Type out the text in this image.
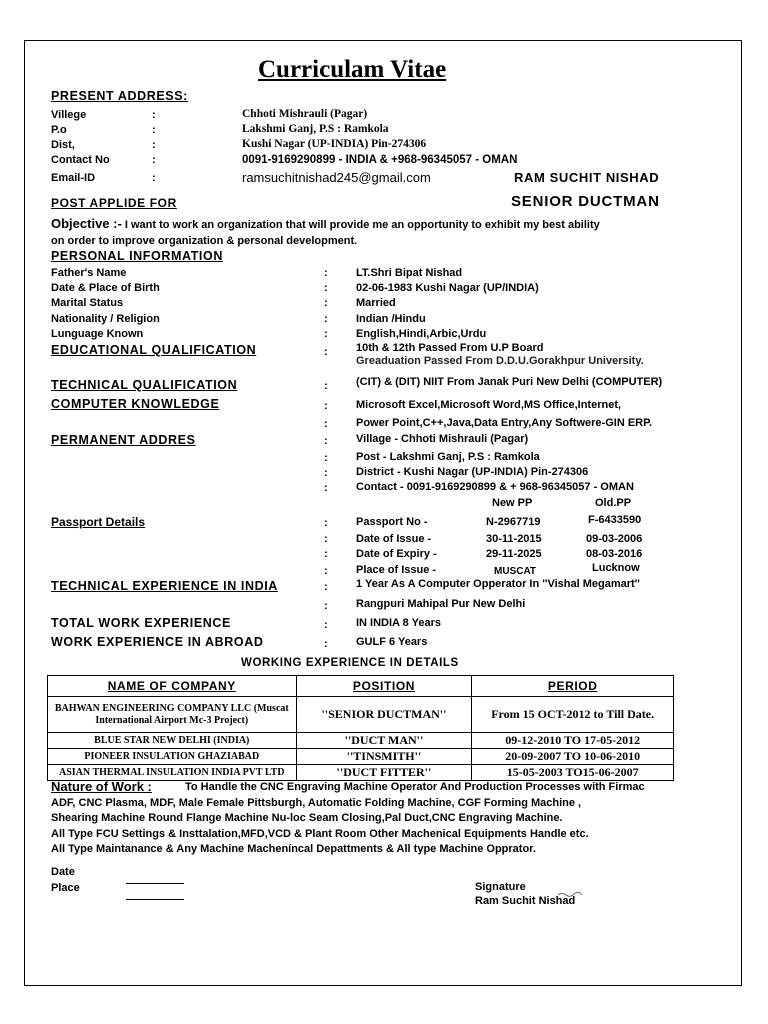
Curriculam Vitae
PRESENT ADDRESS:
Villege	:	Chhoti Mishrauli (Pagar)
P.o	:	Lakshmi Ganj, P.S : Ramkola
Dist,	:	Kushi Nagar (UP-INDIA) Pin-274306
Contact No	:	0091-9169290899 - INDIA & +968-96345057 - OMAN
Email-ID	:	ramsuchitnishad245@gmail.com	RAM SUCHIT NISHAD
POST APPLIDE FOR	SENIOR DUCTMAN
Objective :- I want to work an organization that will provide me an opportunity to exhibit my best ability
on order to improve organization & personal development.
PERSONAL INFORMATION
Father's Name	:	LT.Shri Bipat Nishad
Date & Place of Birth	:	02-06-1983 Kushi Nagar (UP/INDIA)
Marital Status	:	Married
Nationality / Religion	:	Indian /Hindu
Lunguage Known	:	English,Hindi,Arbic,Urdu
EDUCATIONAL QUALIFICATION	:	10th & 12th Passed From U.P Board
Greaduation Passed From D.D.U.Gorakhpur University.
TECHNICAL QUALIFICATION	:	(CIT) & (DIT) NIIT From Janak Puri New Delhi (COMPUTER)
COMPUTER KNOWLEDGE	:	Microsoft Excel,Microsoft Word,MS Office,Internet,
:	Power Point,C++,Java,Data Entry,Any Softwere-GIN ERP.
PERMANENT ADDRES	:	Village - Chhoti Mishrauli (Pagar)
:	Post - Lakshmi Ganj, P.S : Ramkola
:	District - Kushi Nagar (UP-INDIA) Pin-274306
:	Contact - 0091-9169290899 & + 968-96345057 - OMAN
New PP	Old.PP
Passport Details	:	Passport No -	N-2967719	F-6433590
:	Date of Issue -	30-11-2015	09-03-2006
:	Date of Expiry -	29-11-2025	08-03-2016
:	Place of Issue -	MUSCAT	Lucknow
TECHNICAL EXPERIENCE IN INDIA	:	1 Year As A Computer Opperator In ''Vishal Megamart''
:	Rangpuri Mahipal Pur New Delhi
TOTAL WORK EXPERIENCE	:	IN INDIA 8 Years
WORK EXPERIENCE IN ABROAD	:	GULF 6 Years
WORKING EXPERIENCE IN DETAILS
NAME OF COMPANY	POSITION	PERIOD
BAHWAN ENGINEERING COMPANY LLC (Muscat International Airport Mc-3 Project)	''SENIOR DUCTMAN''	From 15 OCT-2012 to Till Date.
BLUE STAR NEW DELHI (INDIA)	''DUCT MAN''	09-12-2010 TO 17-05-2012
PIONEER INSULATION GHAZIABAD	''TINSMITH''	20-09-2007 TO 10-06-2010
ASIAN THERMAL INSULATION INDIA PVT LTD	''DUCT FITTER''	15-05-2003 TO15-06-2007
Nature of Work :	To Handle the CNC Engraving Machine Operator And Production Processes with Firmac
ADF, CNC Plasma, MDF, Male Female Pittsburgh, Automatic Folding Machine, CGF Forming Machine ,
Shearing Machine Round Flange Machine Nu-loc Seam Closing,Pal Duct,CNC Engraving Machine.
All Type FCU Settings & Insttalation,MFD,VCD & Plant Room Other Machenical Equipments Handle etc.
All Type Maintanance & Any Machine Macheníncal Depattments & All type Machine Opprator.
Date
Place	Signature
Ram Suchit Nishad
